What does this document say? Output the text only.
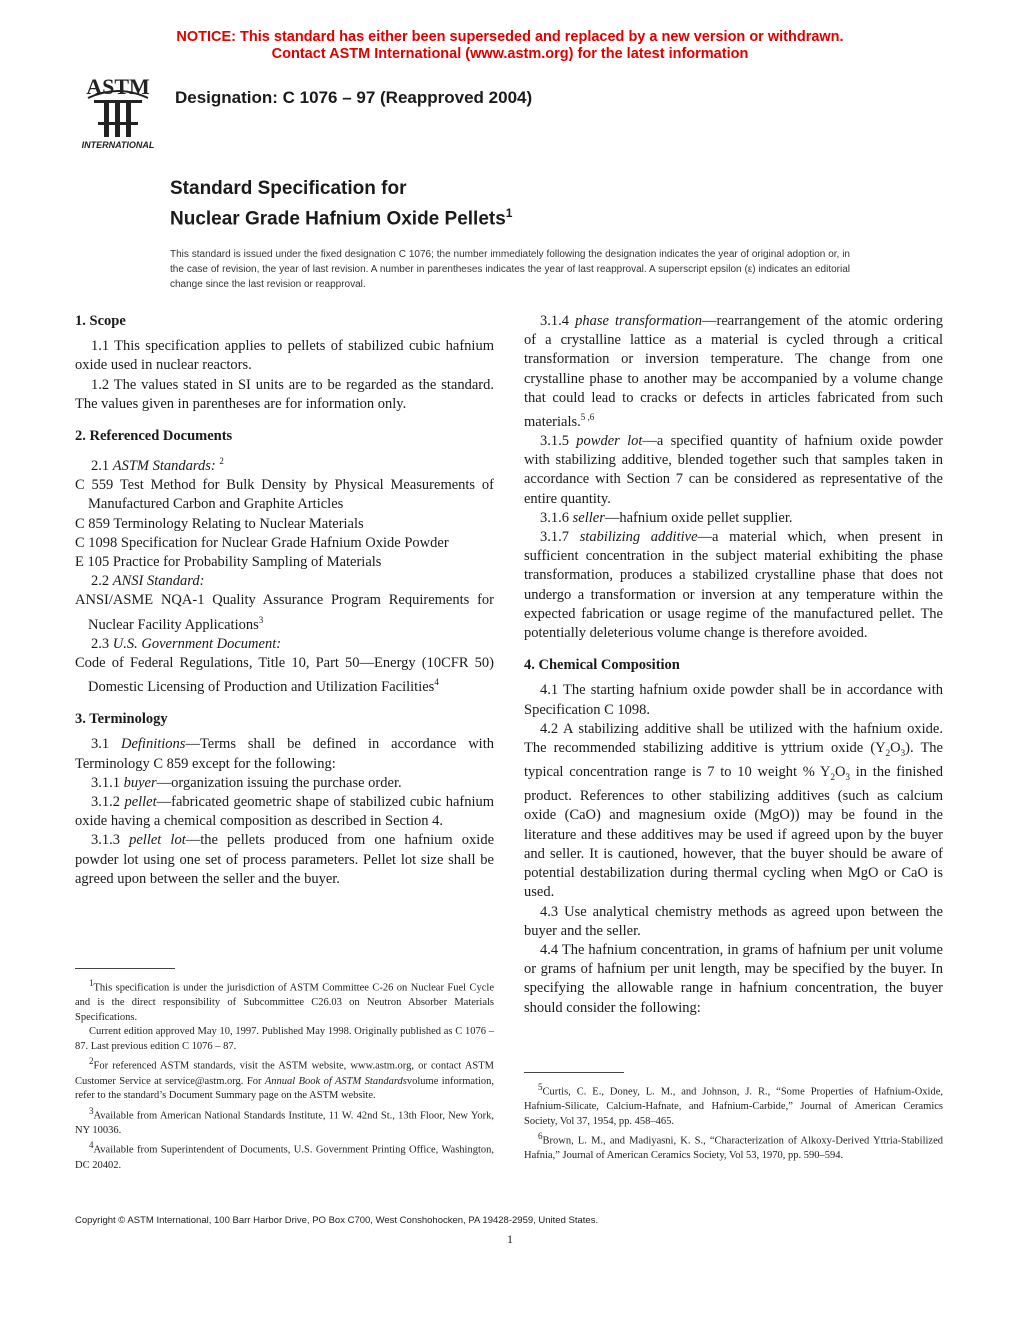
NOTICE: This standard has either been superseded and replaced by a new version or withdrawn.
Contact ASTM International (www.astm.org) for the latest information
ASTM
INTERNATIONAL
Designation: C 1076 – 97 (Reapproved 2004)
Standard Specification for
Nuclear Grade Hafnium Oxide Pellets$^1$
This standard is issued under the fixed designation C 1076; the number immediately following the designation indicates the year of original adoption or, in the case of revision, the year of last revision. A number in parentheses indicates the year of last reapproval. A superscript epsilon (ε) indicates an editorial change since the last revision or reapproval.

1. Scope

1.1 This specification applies to pellets of stabilized cubic hafnium oxide used in nuclear reactors.

1.2 The values stated in SI units are to be regarded as the standard. The values given in parentheses are for information only.

2. Referenced Documents

2.1 ASTM Standards: $^2$

C 559 Test Method for Bulk Density by Physical Measurements of Manufactured Carbon and Graphite Articles

C 859 Terminology Relating to Nuclear Materials

C 1098 Specification for Nuclear Grade Hafnium Oxide Powder

E 105 Practice for Probability Sampling of Materials

2.2 ANSI Standard:

ANSI/ASME NQA-1 Quality Assurance Program Requirements for Nuclear Facility Applications$^3$

2.3 U.S. Government Document:

Code of Federal Regulations, Title 10, Part 50—Energy (10CFR 50) Domestic Licensing of Production and Utilization Facilities$^4$

3. Terminology

3.1 Definitions—Terms shall be defined in accordance with Terminology C 859 except for the following:

3.1.1 buyer—organization issuing the purchase order.

3.1.2 pellet—fabricated geometric shape of stabilized cubic hafnium oxide having a chemical composition as described in Section 4.

3.1.3 pellet lot—the pellets produced from one hafnium oxide powder lot using one set of process parameters. Pellet lot size shall be agreed upon between the seller and the buyer.

3.1.4 phase transformation—rearrangement of the atomic ordering of a crystalline lattice as a material is cycled through a critical transformation or inversion temperature. The change from one crystalline phase to another may be accompanied by a volume change that could lead to cracks or defects in articles fabricated from such materials.$^{5 ,6}$

3.1.5 powder lot—a specified quantity of hafnium oxide powder with stabilizing additive, blended together such that samples taken in accordance with Section 7 can be considered as representative of the entire quantity.

3.1.6 seller—hafnium oxide pellet supplier.

3.1.7 stabilizing additive—a material which, when present in sufficient concentration in the subject material exhibiting the phase transformation, produces a stabilized crystalline phase that does not undergo a transformation or inversion at any temperature within the expected fabrication or usage regime of the manufactured pellet. The potentially deleterious volume change is therefore avoided.

4. Chemical Composition

4.1 The starting hafnium oxide powder shall be in accordance with Specification C 1098.

4.2 A stabilizing additive shall be utilized with the hafnium oxide. The recommended stabilizing additive is yttrium oxide $(Y_2O_3)$. The typical concentration range is 7 to 10 weight % $Y_2O_3$ in the finished product. References to other stabilizing additives (such as calcium oxide (CaO) and magnesium oxide (MgO)) may be found in the literature and these additives may be used if agreed upon by the buyer and seller. It is cautioned, however, that the buyer should be aware of potential destabilization during thermal cycling when MgO or CaO is used.

4.3 Use analytical chemistry methods as agreed upon between the buyer and the seller.

4.4 The hafnium concentration, in grams of hafnium per unit volume or grams of hafnium per unit length, may be specified by the buyer. In specifying the allowable range in hafnium concentration, the buyer should consider the following:

$^1$This specification is under the jurisdiction of ASTM Committee C-26 on Nuclear Fuel Cycle and is the direct responsibility of Subcommittee C26.03 on Neutron Absorber Materials Specifications.

Current edition approved May 10, 1997. Published May 1998. Originally published as C 1076 – 87. Last previous edition C 1076 – 87.

$^2$For referenced ASTM standards, visit the ASTM website, www.astm.org, or contact ASTM Customer Service at service@astm.org. For Annual Book of ASTM Standardsvolume information, refer to the standard’s Document Summary page on the ASTM website.

$^3$Available from American National Standards Institute, 11 W. 42nd St., 13th Floor, New York, NY 10036.

$^4$Available from Superintendent of Documents, U.S. Government Printing Office, Washington, DC 20402.

$^5$Curtis, C. E., Doney, L. M., and Johnson, J. R., “Some Properties of Hafnium-Oxide, Hafnium-Silicate, Calcium-Hafnate, and Hafnium-Carbide,” Journal of American Ceramics Society, Vol 37, 1954, pp. 458–465.

$^6$Brown, L. M., and Madiyasni, K. S., “Characterization of Alkoxy-Derived Yttria-Stabilized Hafnia,” Journal of American Ceramics Society, Vol 53, 1970, pp. 590–594.

Copyright © ASTM International, 100 Barr Harbor Drive, PO Box C700, West Conshohocken, PA 19428-2959, United States.
1
